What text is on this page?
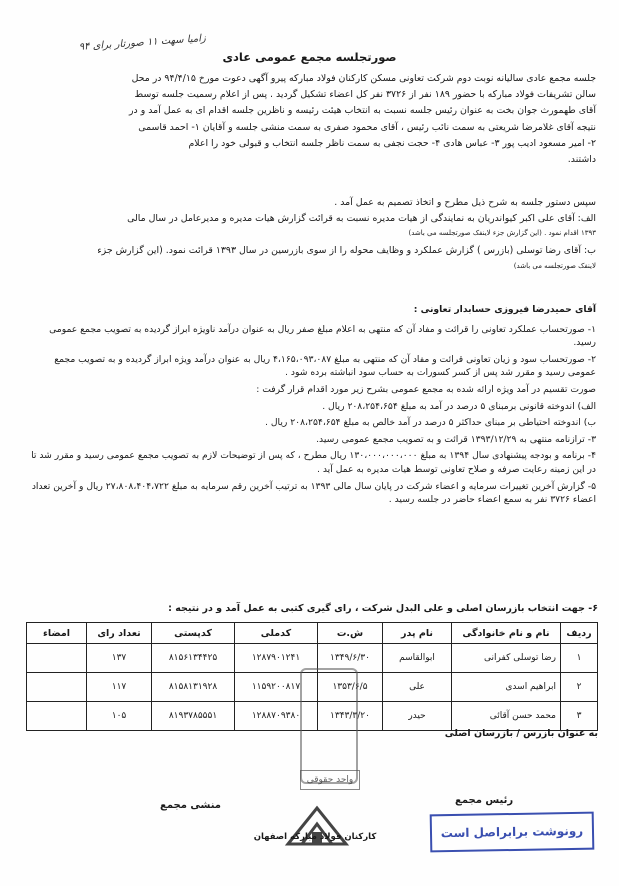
زامیا سهت ۱۱ صورتار برای ۹۴
صورتجلسه مجمع عمومی عادی

جلسه مجمع عادی سالیانه نوبت دوم شرکت تعاونی مسکن کارکنان فولاد مبارکه پیرو آگهی دعوت مورخ ۹۴/۴/۱۵ در محل

سالن تشریفات فولاد مبارکه با حضور ۱۸۹ نفر از ۳۷۲۶ نفر کل اعضاء تشکیل گردید . پس از اعلام رسمیت جلسه توسط

آقای طهمورث جوان بخت به عنوان رئیس جلسه نسبت به انتخاب هیئت رئیسه و ناظرین جلسه اقدام ای به عمل آمد و در

نتیجه آقای غلامرضا شریعتی به سمت نائب رئیس ، آقای محمود صفری به سمت منشی جلسه و آقایان ۱- احمد قاسمی

۲- امیر مسعود ادیب پور ۳- عباس هادی ۴- حجت نجفی به سمت ناظر جلسه انتخاب و قبولی خود را اعلام

داشتند.

سپس دستور جلسه به شرح ذیل مطرح و اتخاذ تصمیم به عمل آمد .

الف: آقای علی اکبر کیواندریان به نمایندگی از هیات مدیره نسبت به قرائت گزارش هیات مدیره و مدیرعامل در سال مالی

۱۳۹۳ اقدام نمود . (این گزارش جزء لاینفک صورتجلسه می باشد)

ب: آقای رضا توسلی (بازرس ) گزارش عملکرد و وظایف محوله را از سوی بازرسین در سال ۱۳۹۳ قرائت نمود. (این گزارش جزء

لاینفک صورتجلسه می باشد)

آقای حمیدرضا فیروزی حسابدار تعاونی :

۱- صورتحساب عملکرد تعاونی را قرائت و مفاد آن که منتهی به اعلام مبلغ صفر ریال به عنوان درآمد ناویژه ابراز گردیده به تصویب مجمع عمومی رسید.

۲- صورتحساب سود و زیان تعاونی قرائت و مفاد آن که منتهی به مبلغ ۴،۱۶۵،۰۹۳،۰۸۷ ریال به عنوان درآمد ویژه ابراز گردیده و به تصویب مجمع عمومی رسید و مقرر شد پس از کسر کسورات به حساب سود انباشته برده شود .

صورت تقسیم در آمد ویژه ارائه شده به مجمع عمومی بشرح زیر مورد اقدام قرار گرفت :

الف) اندوخته قانونی برمبنای ۵ درصد در آمد به مبلغ ۲۰۸،۲۵۴،۶۵۴ ریال .

ب) اندوخته احتیاطی بر مبنای حداکثر ۵ درصد در آمد خالص به مبلغ ۲۰۸،۲۵۴،۶۵۴ ریال .

۳- ترازنامه منتهی به ۱۳۹۳/۱۲/۲۹ قرائت و به تصویب مجمع عمومی رسید.

۴- برنامه و بودجه پیشنهادی سال ۱۳۹۴ به مبلغ ۱۳۰،۰۰۰،۰۰۰،۰۰۰ ریال مطرح ، که پس از توضیحات لازم به تصویب مجمع عمومی رسید و مقرر شد تا در این زمینه رعایت صرفه و صلاح تعاونی توسط هیات مدیره به عمل آید .

۵- گزارش آخرین تغییرات سرمایه و اعضاء شرکت در پایان سال مالی ۱۳۹۳ به ترتیب آخرین رقم سرمایه به مبلغ ۲۷،۸۰۸،۴۰۴،۷۲۲ ریال و آخرین تعداد اعضاء ۳۷۲۶ نفر به سمع اعضاء حاضر در جلسه رسید .

۶- جهت انتخاب بازرسان اصلی و علی البدل شرکت ، رای گیری کتبی به عمل آمد و در نتیجه :
ردیف	نام و نام خانوادگی	نام پدر	ش.ت	کدملی	کدپستی	تعداد رای	امضاء
۱	رضا توسلی کفرانی	ابوالقاسم	۱۳۴۹/۶/۳۰	۱۲۸۷۹۰۱۲۴۱	۸۱۵۶۱۳۴۴۲۵	۱۳۷	
۲	ابراهیم اسدی	علی	۱۳۵۳/۶/۵	۱۱۵۹۲۰۰۸۱۷	۸۱۵۸۱۳۱۹۲۸	۱۱۷	
۳	محمد حسن آقائی	حیدر	۱۳۴۳/۳/۲۰	۱۲۸۸۷۰۹۳۸۰	۸۱۹۳۷۸۵۵۵۱	۱۰۵	
به عنوان بازرس / بازرسان اصلی
واحد حقوقی
رئیس مجمع
منشی مجمع
کارکنان فولاد مبارکه اصفهان	رونوشت برابراصل است
